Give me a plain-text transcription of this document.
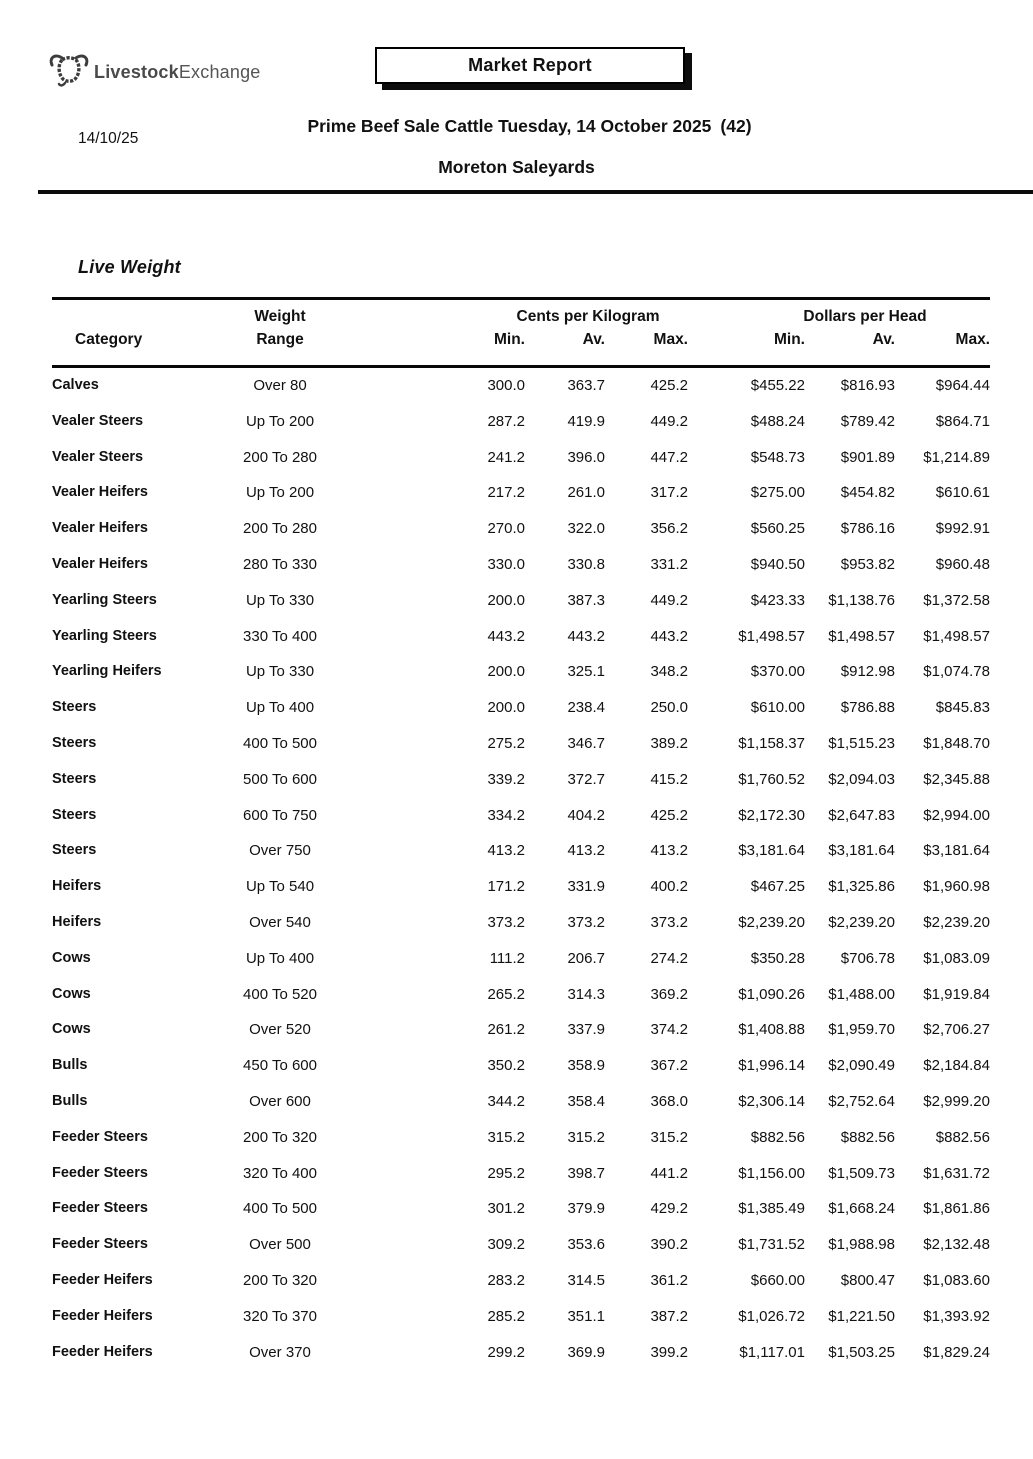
LivestockExchange	Market Report
14/10/25
Prime Beef Sale Cattle Tuesday, 14 October 2025 (42)
Moreton Saleyards
Live Weight
Weight	Cents per Kilogram	Dollars per Head
Category	Range	Min.	Av.	Max.	Min.	Av.	Max.
Calves	Over 80	300.0	363.7	425.2	$455.22	$816.93	$964.44
Vealer Steers	Up To 200	287.2	419.9	449.2	$488.24	$789.42	$864.71
Vealer Steers	200 To 280	241.2	396.0	447.2	$548.73	$901.89	$1,214.89
Vealer Heifers	Up To 200	217.2	261.0	317.2	$275.00	$454.82	$610.61
Vealer Heifers	200 To 280	270.0	322.0	356.2	$560.25	$786.16	$992.91
Vealer Heifers	280 To 330	330.0	330.8	331.2	$940.50	$953.82	$960.48
Yearling Steers	Up To 330	200.0	387.3	449.2	$423.33	$1,138.76	$1,372.58
Yearling Steers	330 To 400	443.2	443.2	443.2	$1,498.57	$1,498.57	$1,498.57
Yearling Heifers	Up To 330	200.0	325.1	348.2	$370.00	$912.98	$1,074.78
Steers	Up To 400	200.0	238.4	250.0	$610.00	$786.88	$845.83
Steers	400 To 500	275.2	346.7	389.2	$1,158.37	$1,515.23	$1,848.70
Steers	500 To 600	339.2	372.7	415.2	$1,760.52	$2,094.03	$2,345.88
Steers	600 To 750	334.2	404.2	425.2	$2,172.30	$2,647.83	$2,994.00
Steers	Over 750	413.2	413.2	413.2	$3,181.64	$3,181.64	$3,181.64
Heifers	Up To 540	171.2	331.9	400.2	$467.25	$1,325.86	$1,960.98
Heifers	Over 540	373.2	373.2	373.2	$2,239.20	$2,239.20	$2,239.20
Cows	Up To 400	111.2	206.7	274.2	$350.28	$706.78	$1,083.09
Cows	400 To 520	265.2	314.3	369.2	$1,090.26	$1,488.00	$1,919.84
Cows	Over 520	261.2	337.9	374.2	$1,408.88	$1,959.70	$2,706.27
Bulls	450 To 600	350.2	358.9	367.2	$1,996.14	$2,090.49	$2,184.84
Bulls	Over 600	344.2	358.4	368.0	$2,306.14	$2,752.64	$2,999.20
Feeder Steers	200 To 320	315.2	315.2	315.2	$882.56	$882.56	$882.56
Feeder Steers	320 To 400	295.2	398.7	441.2	$1,156.00	$1,509.73	$1,631.72
Feeder Steers	400 To 500	301.2	379.9	429.2	$1,385.49	$1,668.24	$1,861.86
Feeder Steers	Over 500	309.2	353.6	390.2	$1,731.52	$1,988.98	$2,132.48
Feeder Heifers	200 To 320	283.2	314.5	361.2	$660.00	$800.47	$1,083.60
Feeder Heifers	320 To 370	285.2	351.1	387.2	$1,026.72	$1,221.50	$1,393.92
Feeder Heifers	Over 370	299.2	369.9	399.2	$1,117.01	$1,503.25	$1,829.24
